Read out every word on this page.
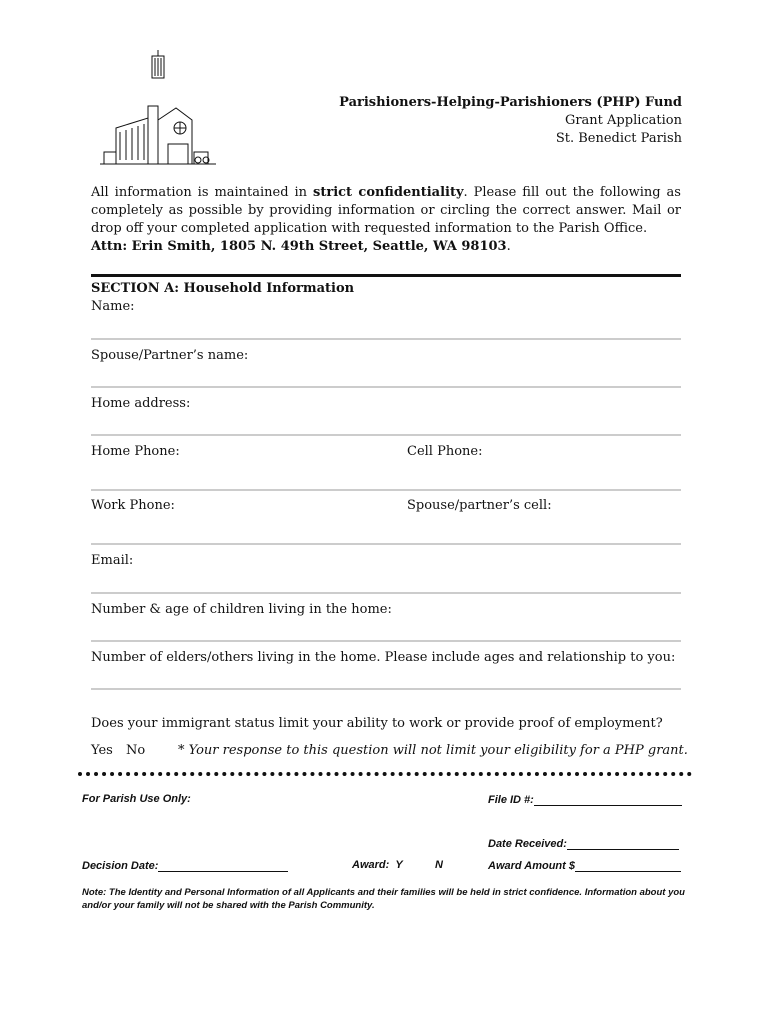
Parishioners-Helping-Parishioners (PHP) Fund
Grant Application
St. Benedict Parish
All information is maintained in strict confidentiality. Please fill out the following as completely as possible by providing information or circling the correct answer. Mail or drop off your completed application with requested information to the Parish Office.
Attn: Erin Smith, 1805 N. 49th Street, Seattle, WA 98103.
SECTION A: Household Information
Name:
Spouse/Partner’s name:
Home address:
Home Phone:	Cell Phone:
Work Phone:	Spouse/partner’s cell:
Email:
Number & age of children living in the home:
Number of elders/others living in the home. Please include ages and relationship to you:
Does your immigrant status limit your ability to work or provide proof of employment?
Yes No	* Your response to this question will not limit your eligibility for a PHP grant.
For Parish Use Only:	File ID #:
Date Received:
Decision Date:	Award: Y	N	Award Amount $
Note: The Identity and Personal Information of all Applicants and their families will be held in strict confidence. Information about you and/or your family will not be shared with the Parish Community.
